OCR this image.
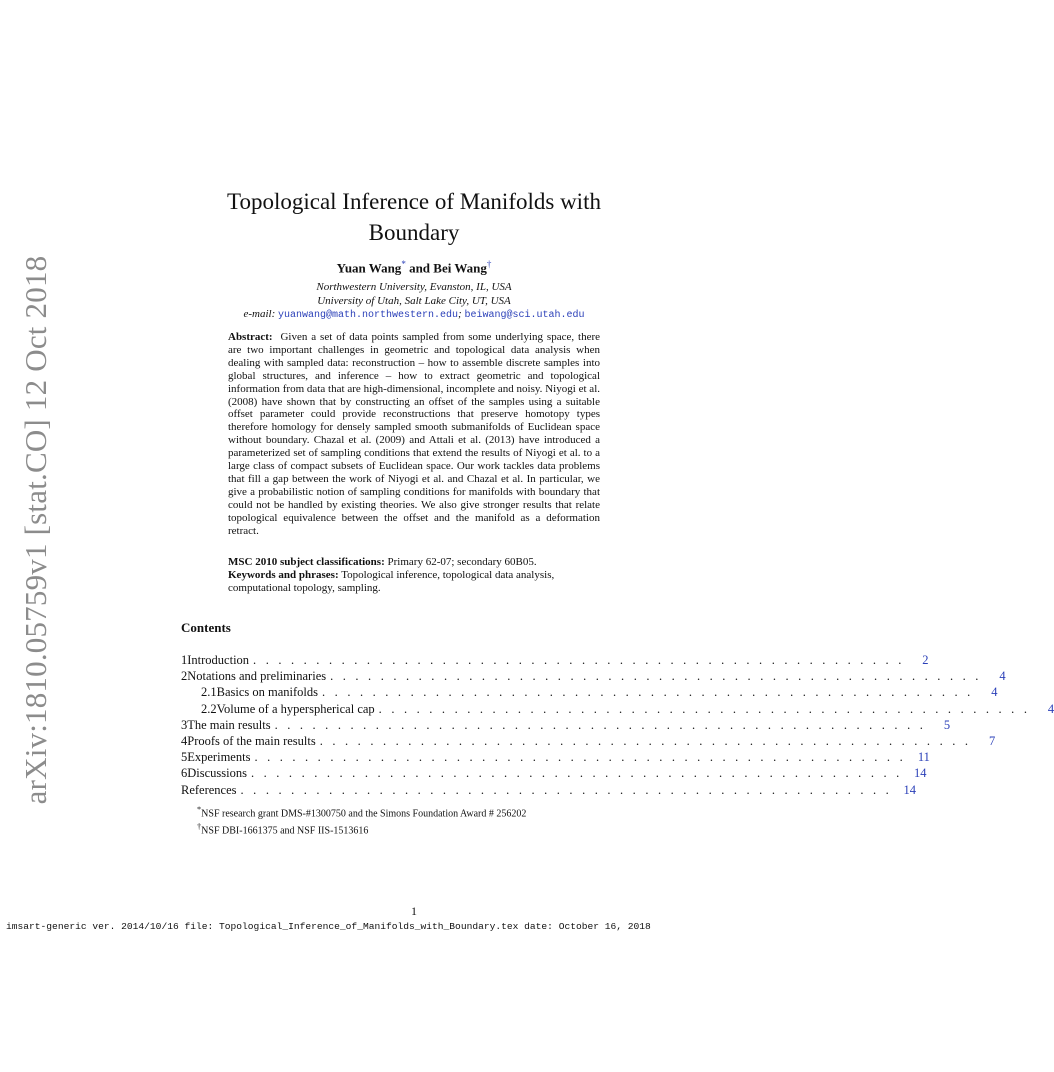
arXiv:1810.05759v1 [stat.CO] 12 Oct 2018
Topological Inference of Manifolds with
Boundary
Yuan Wang* and Bei Wang†
Northwestern University, Evanston, IL, USA
University of Utah, Salt Lake City, UT, USA
e-mail: yuanwang@math.northwestern.edu; beiwang@sci.utah.edu
Abstract: Given a set of data points sampled from some underlying space, there are two important challenges in geometric and topological data analysis when dealing with sampled data: reconstruction – how to assemble discrete samples into global structures, and inference – how to extract geometric and topological information from data that are high-dimensional, incomplete and noisy. Niyogi et al. (2008) have shown that by constructing an offset of the samples using a suitable offset parameter could provide reconstructions that preserve homotopy types therefore homology for densely sampled smooth submanifolds of Euclidean space without boundary. Chazal et al. (2009) and Attali et al. (2013) have introduced a parameterized set of sampling conditions that extend the results of Niyogi et al. to a large class of compact subsets of Euclidean space. Our work tackles data problems that fill a gap between the work of Niyogi et al. and Chazal et al. In particular, we give a probabilistic notion of sampling conditions for manifolds with boundary that could not be handled by existing theories. We also give stronger results that relate topological equivalence between the offset and the manifold as a deformation retract.
MSC 2010 subject classifications: Primary 62-07; secondary 60B05.
Keywords and phrases: Topological inference, topological data analysis, computational topology, sampling.
Contents
1 Introduction . . . . . . . . . . . . . . . . . . . . . . . . . . . . . . . . . . . . . . . . . . . . . . . . . . . .	2
2 Notations and preliminaries . . . . . . . . . . . . . . . . . . . . . . . . . . . . . . . . . . . . . . . . . . . . . . . . . . . .	4
2.1 Basics on manifolds . . . . . . . . . . . . . . . . . . . . . . . . . . . . . . . . . . . . . . . . . . . . . . . . . . . .	4
2.2 Volume of a hyperspherical cap . . . . . . . . . . . . . . . . . . . . . . . . . . . . . . . . . . . . . . . . . . . . . . . . . . . .	4
3 The main results . . . . . . . . . . . . . . . . . . . . . . . . . . . . . . . . . . . . . . . . . . . . . . . . . . . .	5
4 Proofs of the main results . . . . . . . . . . . . . . . . . . . . . . . . . . . . . . . . . . . . . . . . . . . . . . . . . . . .	7
5 Experiments . . . . . . . . . . . . . . . . . . . . . . . . . . . . . . . . . . . . . . . . . . . . . . . . . . . . 11
6 Discussions . . . . . . . . . . . . . . . . . . . . . . . . . . . . . . . . . . . . . . . . . . . . . . . . . . . . 14
References . . . . . . . . . . . . . . . . . . . . . . . . . . . . . . . . . . . . . . . . . . . . . . . . . . . . 14
*NSF research grant DMS-#1300750 and the Simons Foundation Award # 256202
†NSF DBI-1661375 and NSF IIS-1513616
1
imsart-generic ver. 2014/10/16 file: Topological_Inference_of_Manifolds_with_Boundary.tex date: October 16, 2018
